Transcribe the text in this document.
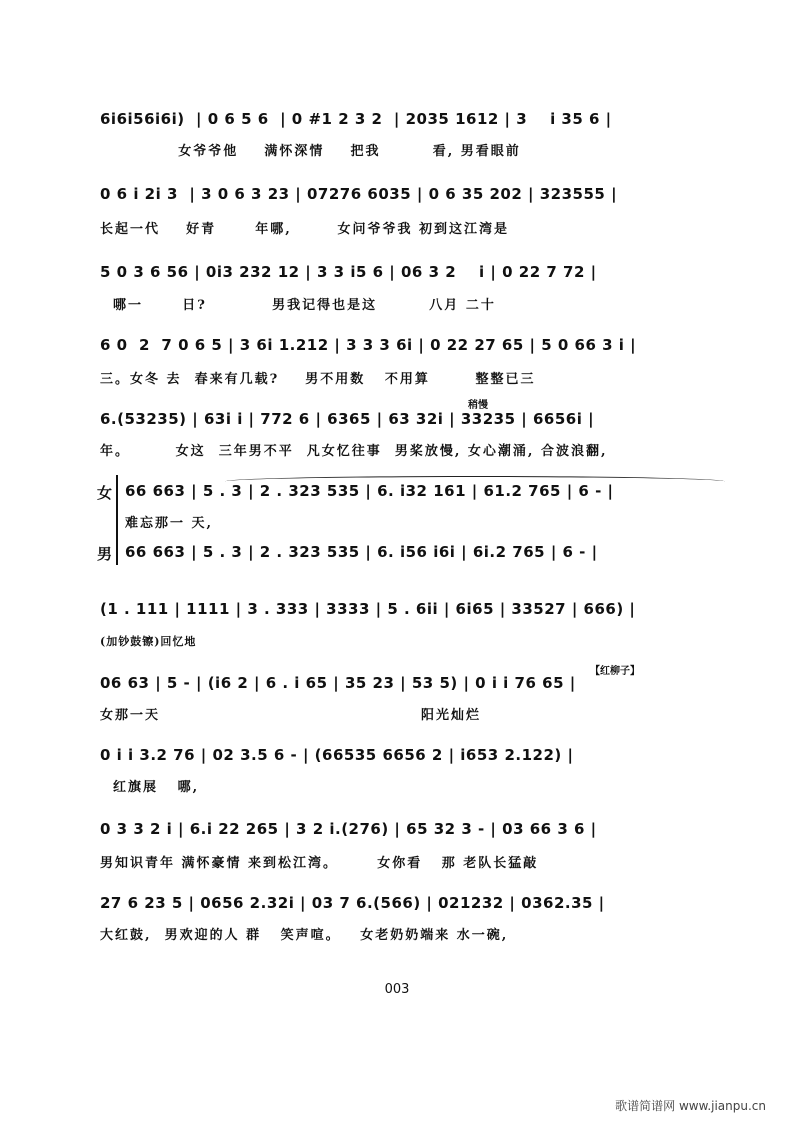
6i6i56i6i)  | 0 6 5 6  | 0 #1 2 3 2  | 2035 1612 | 3    i 35 6 |
女爷爷他    满怀深情    把我        看, 男看眼前
0 6 i 2i 3  | 3 0 6 3 23 | 07276 6035 | 0 6 35 202 | 323555 |
长起一代    好青      年哪,       女问爷爷我 初到这江湾是
5 0 3 6 56 | 0i3 232 12 | 3 3 i5 6 | 06 3 2    i | 0 22 7 72 |
哪一      日?          男我记得也是这        八月 二十
6 0  2  7 0 6 5 | 3 6i 1.212 | 3 3 3 6i | 0 22 27 65 | 5 0 66 3 i |
三。女冬 去  春来有几载?    男不用数   不用算       整整已三
稍慢
6.(53235) | 63i i | 772 6 | 6365 | 63 32i | 33235 | 6656i |
年。       女这  三年男不平  凡女忆往事  男桨放慢, 女心潮涌, 合波浪翻,
女 66 663 | 5 . 3 | 2 . 323 535 | 6. i32 161 | 61.2 765 | 6 - |
难忘那一 天,
男 66 663 | 5 . 3 | 2 . 323 535 | 6. i56 i6i | 6i.2 765 | 6 - |
(1 . 111 | 1111 | 3 . 333 | 3333 | 5 . 6ii | 6i65 | 33527 | 666) |
(加钞鼓镲)回忆地
【红柳子】
06 63 | 5 - | (i6 2 | 6 . i 65 | 35 23 | 53 5) | 0 i i 76 65 |
女那一天                                        阳光灿烂
0 i i 3.2 76 | 02 3.5 6 - | (66535 6656 2 | i653 2.122) |
红旗展   哪,
0 3 3 2 i | 6.i 22 265 | 3 2 i.(276) | 65 32 3 - | 03 66 3 6 |
男知识青年 满怀豪情 来到松江湾。      女你看   那 老队长猛敲
27 6 23 5 | 0656 2.32i | 03 7 6.(566) | 021232 | 0362.35 |
大红鼓,  男欢迎的人 群   笑声喧。   女老奶奶端来 水一碗,
003
歌谱简谱网 www.jianpu.cn
